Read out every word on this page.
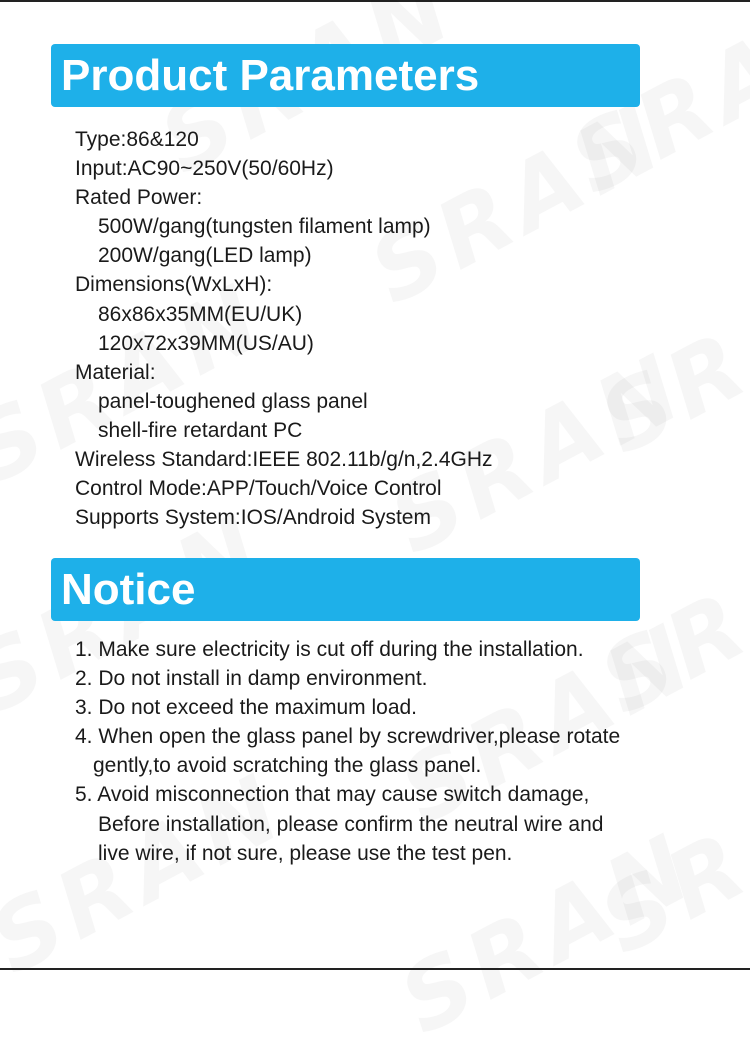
Product Parameters
Type:86&120
Input:AC90~250V(50/60Hz)
Rated Power:
500W/gang(tungsten filament lamp)
200W/gang(LED lamp)
Dimensions(WxLxH):
86x86x35MM(EU/UK)
120x72x39MM(US/AU)
Material:
panel-toughened glass panel
shell-fire retardant PC
Wireless Standard:IEEE 802.11b/g/n,2.4GHz
Control Mode:APP/Touch/Voice Control
Supports System:IOS/Android System
Notice
1. Make sure electricity is cut off during the installation.
2. Do not install in damp environment.
3. Do not exceed the maximum load.
4. When open the glass panel by screwdriver,please rotate
gently,to avoid scratching the glass panel.
5. Avoid misconnection that may cause switch damage,
Before installation, please confirm the neutral wire and
live wire, if not sure, please use the test pen.
